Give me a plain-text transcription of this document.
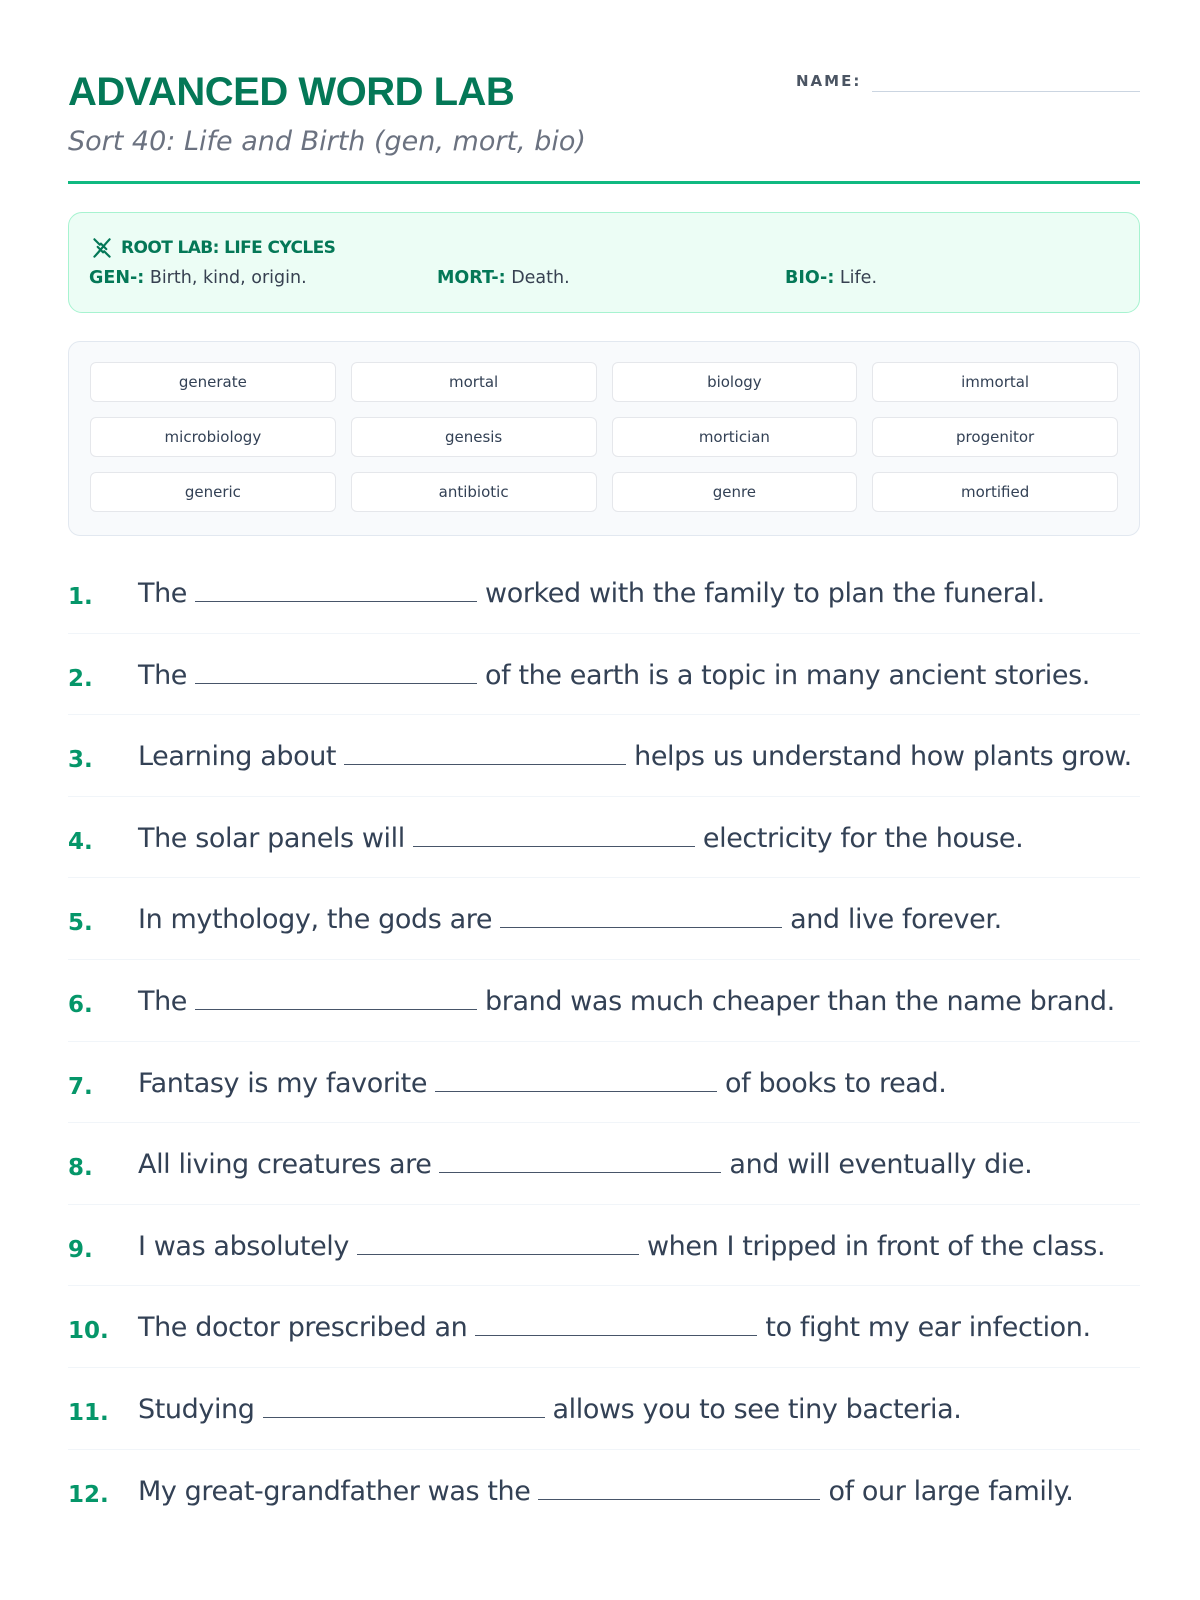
ADVANCED WORD LAB
Sort 40: Life and Birth (gen, mort, bio)
NAME:
ROOT LAB: LIFE CYCLES
GEN-: Birth, kind, origin.	MORT-: Death.	BIO-: Life.
generate	mortal	biology	immortal
microbiology	genesis	mortician	progenitor
generic	antibiotic	genre	mortified
1. The	worked with the family to plan the funeral.
2. The	of the earth is a topic in many ancient stories.
3. Learning about	helps us understand how plants grow.
4. The solar panels will	electricity for the house.
5. In mythology, the gods are	and live forever.
6. The	brand was much cheaper than the name brand.
7. Fantasy is my favorite	of books to read.
8. All living creatures are	and will eventually die.
9. I was absolutely	when I tripped in front of the class.
10. The doctor prescribed an	to fight my ear infection.
11. Studying	allows you to see tiny bacteria.
12. My great-grandfather was the	of our large family.
